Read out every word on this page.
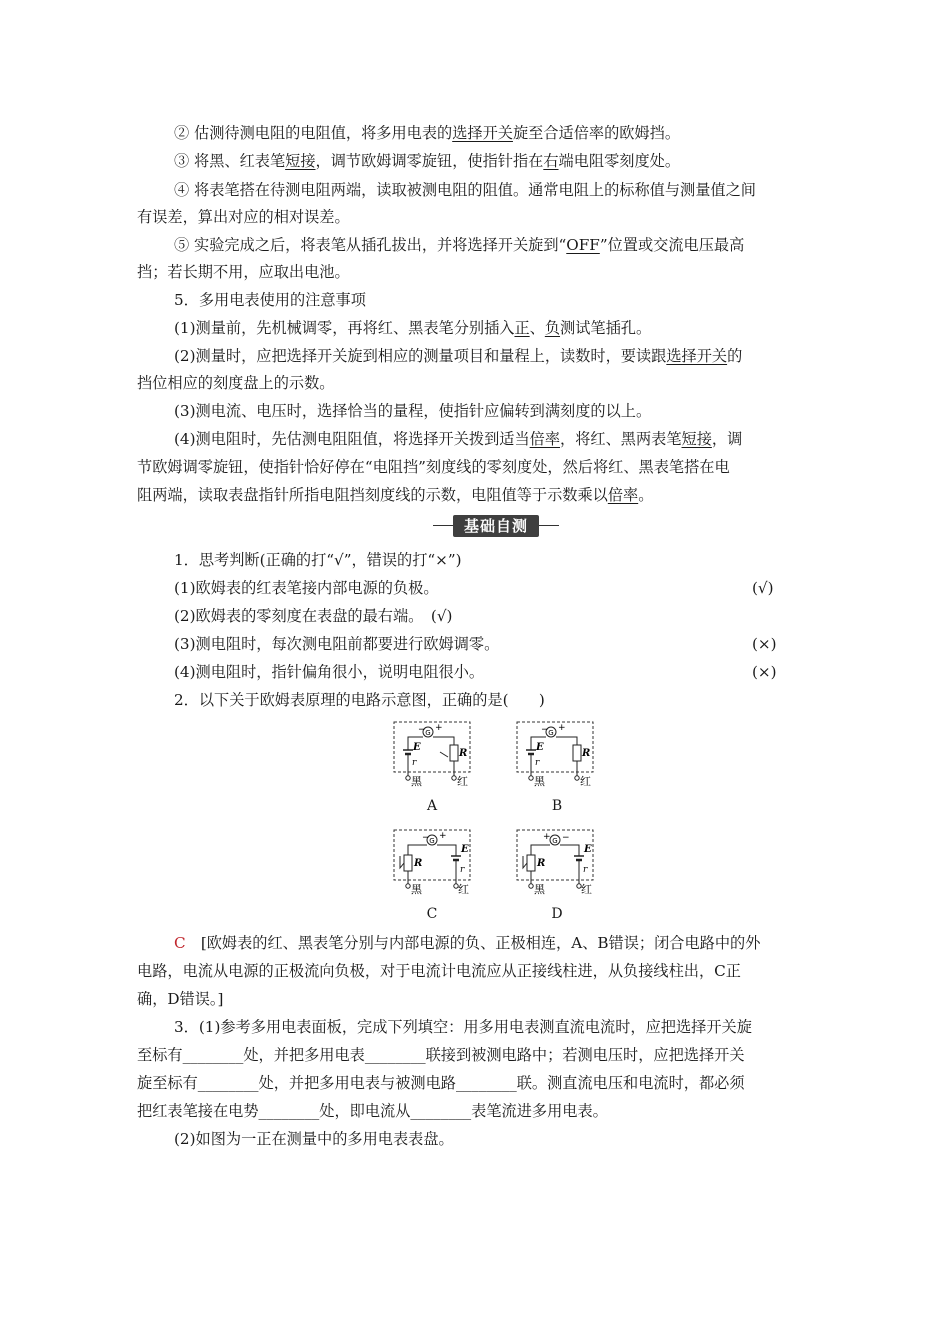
② 估测待测电阻的电阻值，将多用电表的选择开关旋至合适倍率的欧姆挡。
③ 将黑、红表笔短接，调节欧姆调零旋钮，使指针指在右端电阻零刻度处。
④ 将表笔搭在待测电阻两端，读取被测电阻的阻值。通常电阻上的标称值与测量值之间
有误差，算出对应的相对误差。
⑤ 实验完成之后，将表笔从插孔拔出，并将选择开关旋到“OFF”位置或交流电压最高
挡；若长期不用，应取出电池。
5．多用电表使用的注意事项
(1)测量前，先机械调零，再将红、黑表笔分别插入正、负测试笔插孔。
(2)测量时，应把选择开关旋到相应的测量项目和量程上，读数时，要读跟选择开关的
挡位相应的刻度盘上的示数。
(3)测电流、电压时，选择恰当的量程，使指针应偏转到满刻度的以上。
(4)测电阻时，先估测电阻阻值，将选择开关拨到适当倍率，将红、黑两表笔短接，调
节欧姆调零旋钮，使指针恰好停在“电阻挡”刻度线的零刻度处，然后将红、黑表笔搭在电
阻两端，读取表盘指针所指电阻挡刻度线的示数，电阻值等于示数乘以倍率。
基础自测
1．思考判断(正确的打“√”，错误的打“×”)
(1)欧姆表的红表笔接内部电源的负极。	(√)
(2)欧姆表的零刻度在表盘的最右端。　(√)
(3)测电阻时，每次测电阻前都要进行欧姆调零。	(×)
(4)测电阻时，指针偏角很小，说明电阻很小。	(×)
2．以下关于欧姆表原理的电路示意图，正确的是(　　)
G
− +
E
r
R
黑	红
A
G
− +
E
r
R
黑	红
B
G
− +
R
E
r
黑	红
C
G
+ −
R
E
r
黑	红
D
C　 [欧姆表的红、黑表笔分别与内部电源的负、正极相连，A、B错误；闭合电路中的外
电路，电流从电源的正极流向负极，对于电流计电流应从正接线柱进，从负接线柱出，C正
确，D错误。]
3．(1)参考多用电表面板，完成下列填空：用多用电表测直流电流时，应把选择开关旋
至标有________处，并把多用电表________联接到被测电路中；若测电压时，应把选择开关
旋至标有________处，并把多用电表与被测电路________联。测直流电压和电流时，都必须
把红表笔接在电势________处，即电流从________表笔流进多用电表。
(2)如图为一正在测量中的多用电表表盘。
